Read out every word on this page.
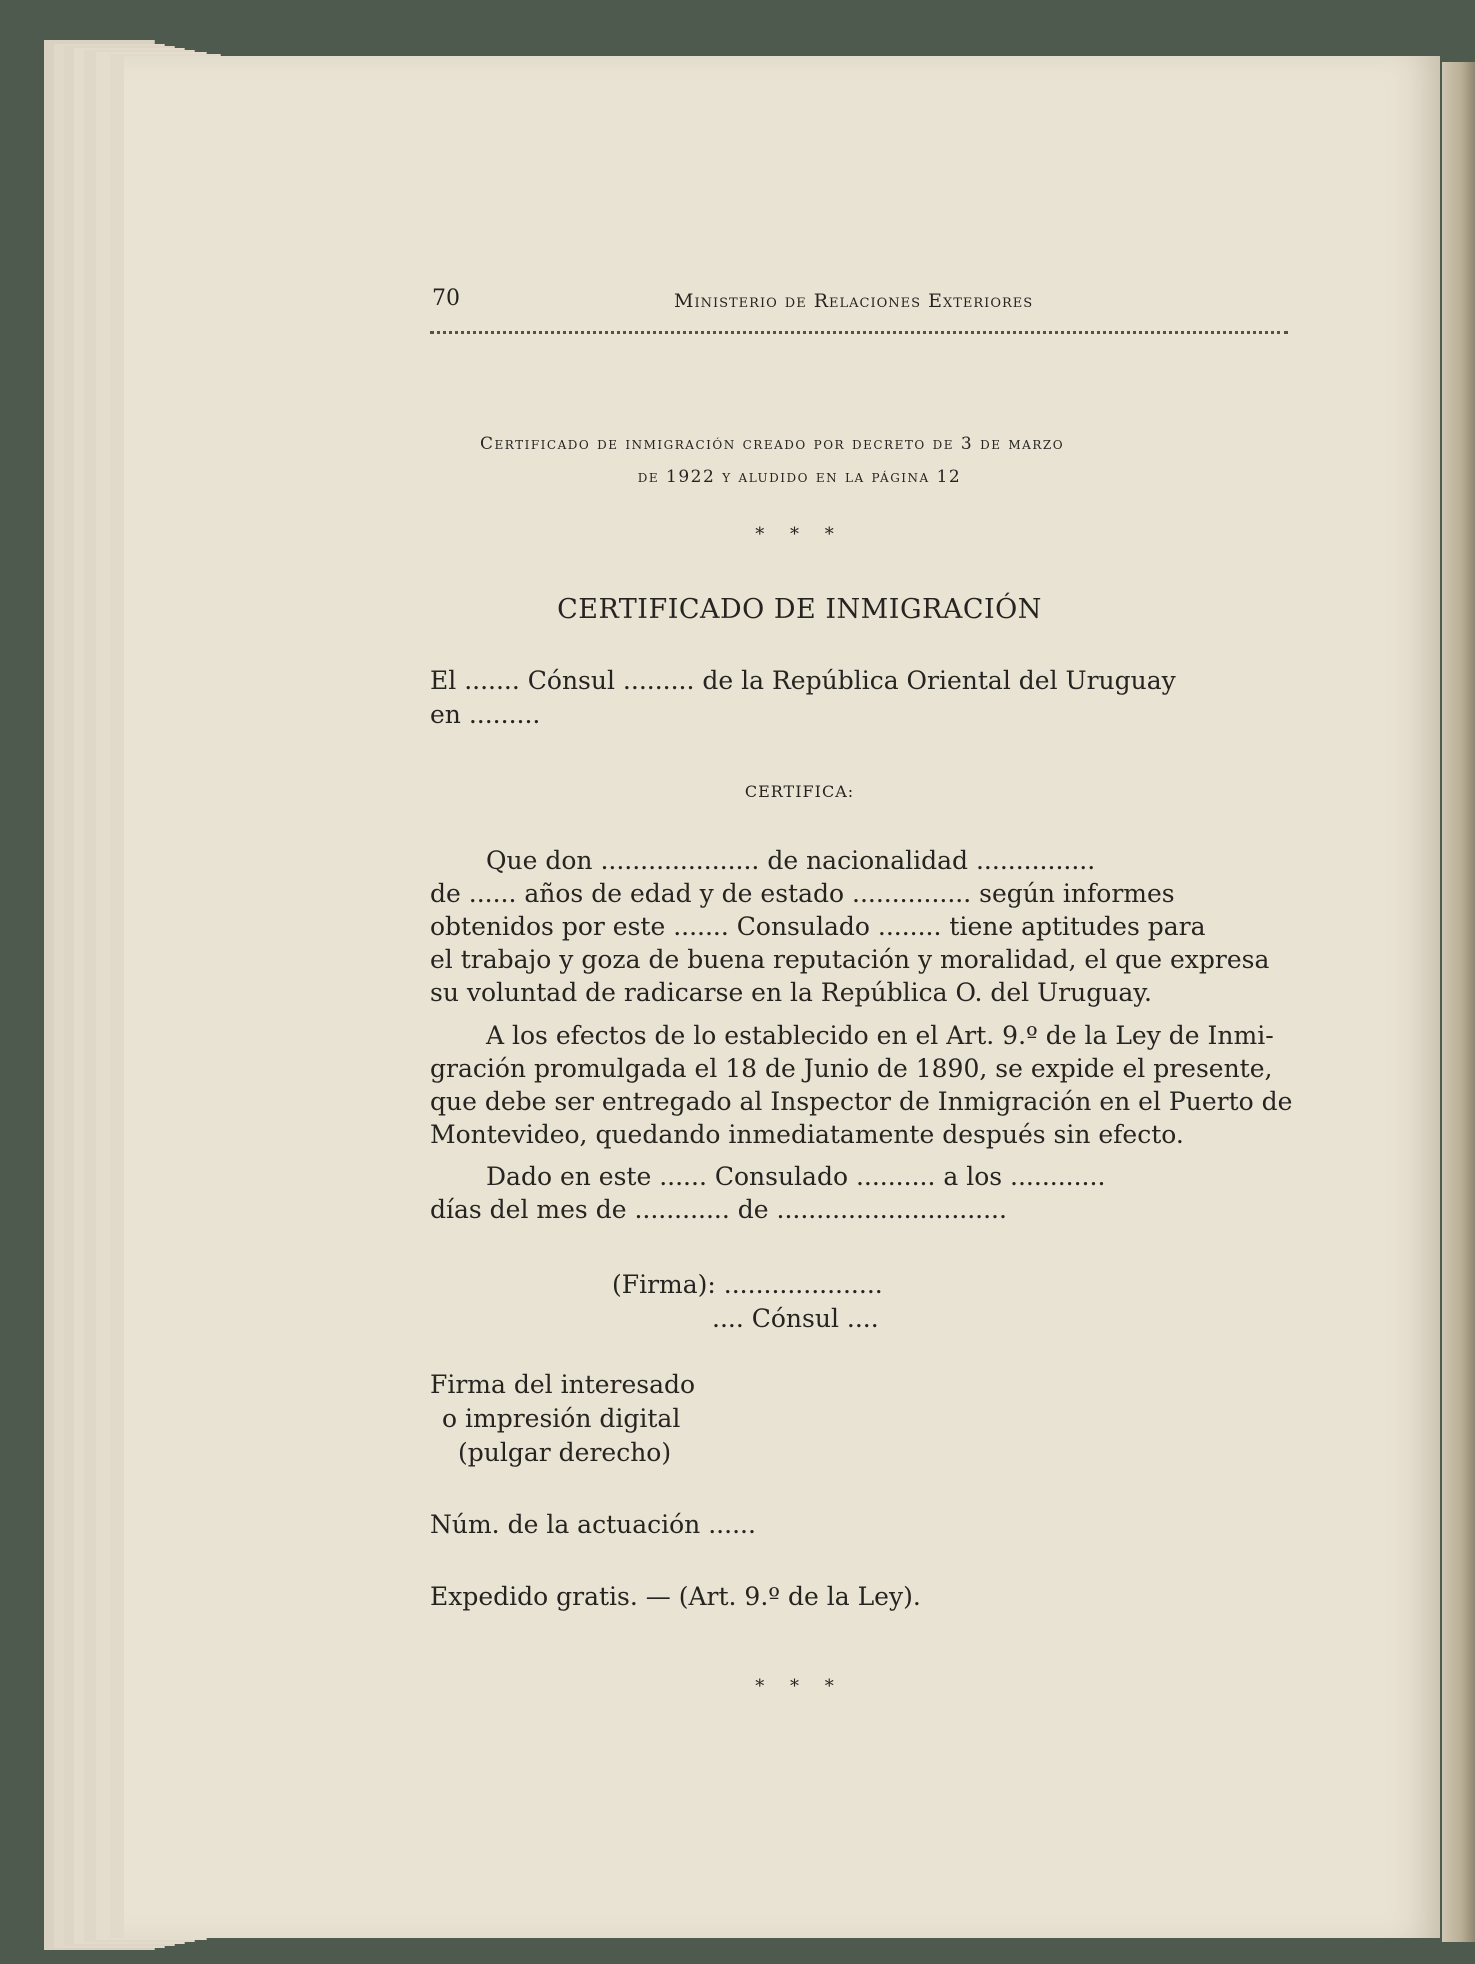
70	Ministerio de Relaciones Exteriores
Certificado de inmigración creado por decreto de 3 de marzo
de 1922 y aludido en la página 12
* * *
CERTIFICADO DE INMIGRACIÓN
El ....... Cónsul ......... de la República Oriental del Uruguay
en .........
CERTIFICA:
Que don .................... de nacionalidad ...............
de ...... años de edad y de estado ............... según informes
obtenidos por este ....... Consulado ........ tiene aptitudes para
el trabajo y goza de buena reputación y moralidad, el que expresa
su voluntad de radicarse en la República O. del Uruguay.
A los efectos de lo establecido en el Art. 9.º de la Ley de Inmi-
gración promulgada el 18 de Junio de 1890, se expide el presente,
que debe ser entregado al Inspector de Inmigración en el Puerto de
Montevideo, quedando inmediatamente después sin efecto.
Dado en este ...... Consulado .......... a los ............
días del mes de ............ de .............................
(Firma): ....................
.... Cónsul ....
Firma del interesado
o impresión digital
(pulgar derecho)
Núm. de la actuación ......
Expedido gratis. — (Art. 9.º de la Ley).
* * *
